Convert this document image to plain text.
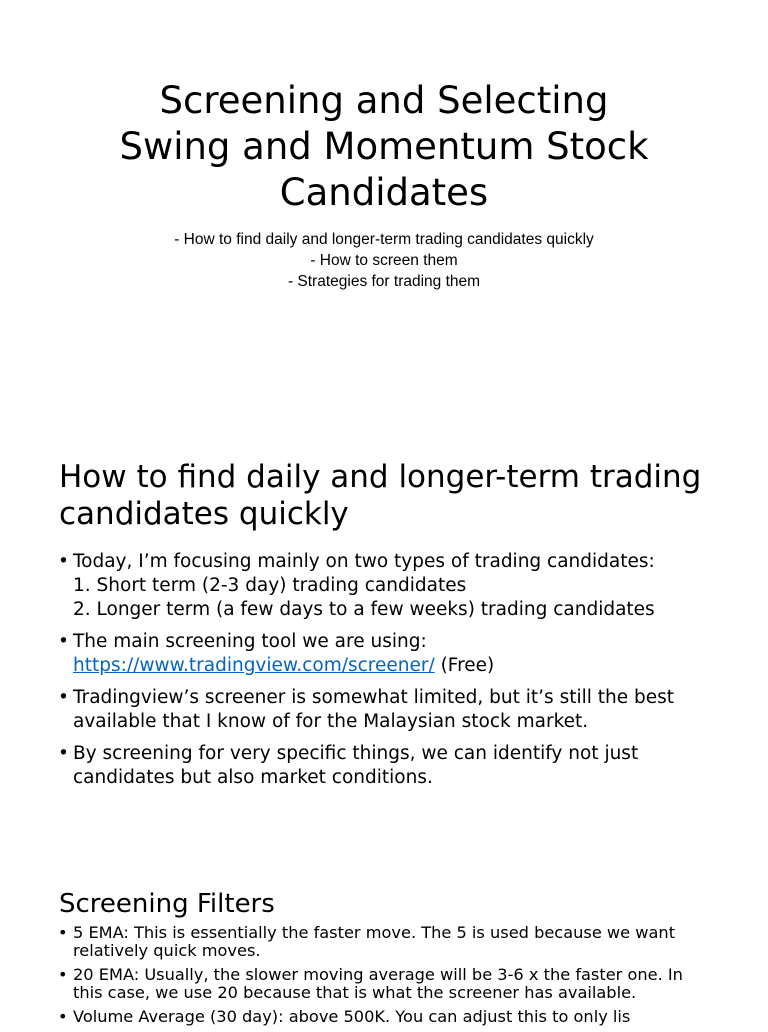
Screening and Selecting
Swing and Momentum Stock
Candidates
- How to find daily and longer-term trading candidates quickly
- How to screen them
- Strategies for trading them
How to find daily and longer-term trading
candidates quickly
• Today, I’m focusing mainly on two types of trading candidates:
1. Short term (2-3 day) trading candidates
2. Longer term (a few days to a few weeks) trading candidates
• The main screening tool we are using:
https://www.tradingview.com/screener/ (Free)
• Tradingview’s screener is somewhat limited, but it’s still the best
available that I know of for the Malaysian stock market.
• By screening for very specific things, we can identify not just
candidates but also market conditions.
Screening Filters
• 5 EMA: This is essentially the faster move. The 5 is used because we want
relatively quick moves.
• 20 EMA: Usually, the slower moving average will be 3-6 x the faster one. In
this case, we use 20 because that is what the screener has available.
• Volume Average (30 day): above 500K. You can adjust this to only lis
